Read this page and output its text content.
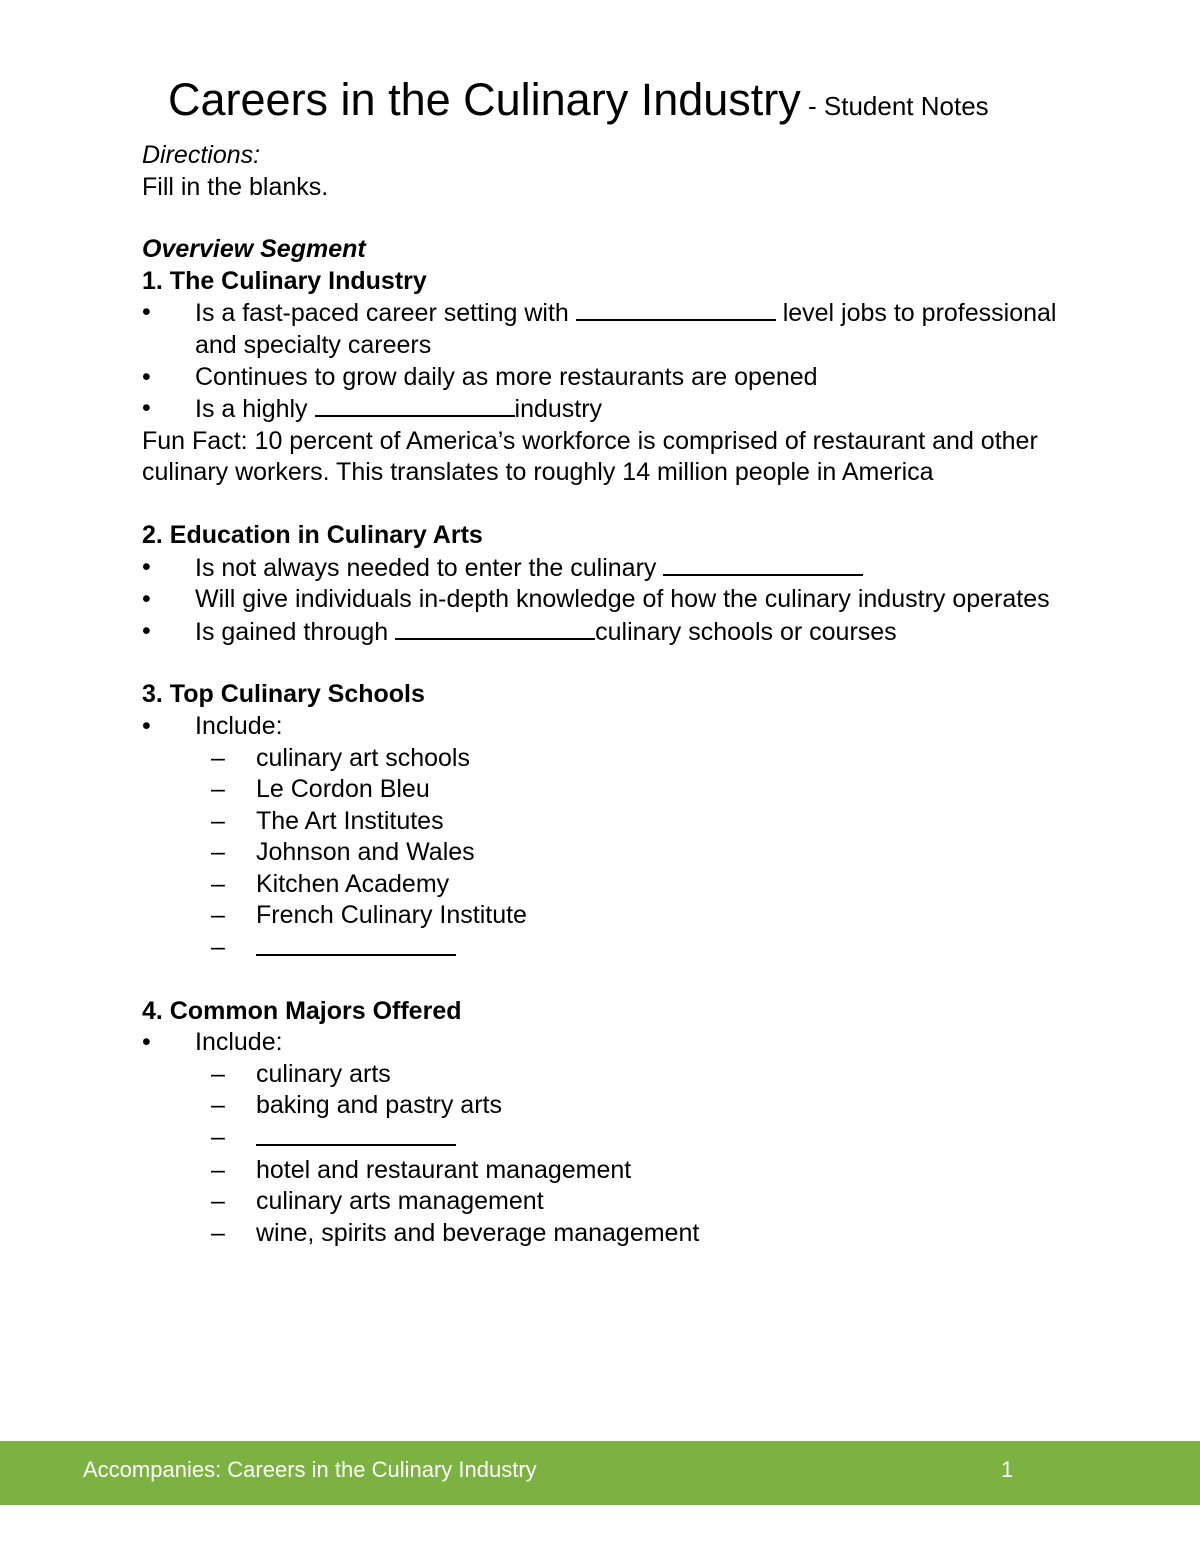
Careers in the Culinary Industry - Student Notes

Directions:

Fill in the blanks.

Overview Segment

1. The Culinary Industry

• Is a fast-paced career setting with	level jobs to professional and specialty careers
• Continues to grow daily as more restaurants are opened
• Is a highly	industry

Fun Fact: 10 percent of America’s workforce is comprised of restaurant and other culinary workers. This translates to roughly 14 million people in America

2. Education in Culinary Arts

• Is not always needed to enter the culinary
• Will give individuals in-depth knowledge of how the culinary industry operates
• Is gained through	culinary schools or courses

3. Top Culinary Schools

• Include:
– culinary art schools
– Le Cordon Bleu
– The Art Institutes
– Johnson and Wales
– Kitchen Academy
– French Culinary Institute
–

4. Common Majors Offered

• Include:
– culinary arts
– baking and pastry arts
–
– hotel and restaurant management
– culinary arts management
– wine, spirits and beverage management
Accompanies: Careers in the Culinary Industry	1
